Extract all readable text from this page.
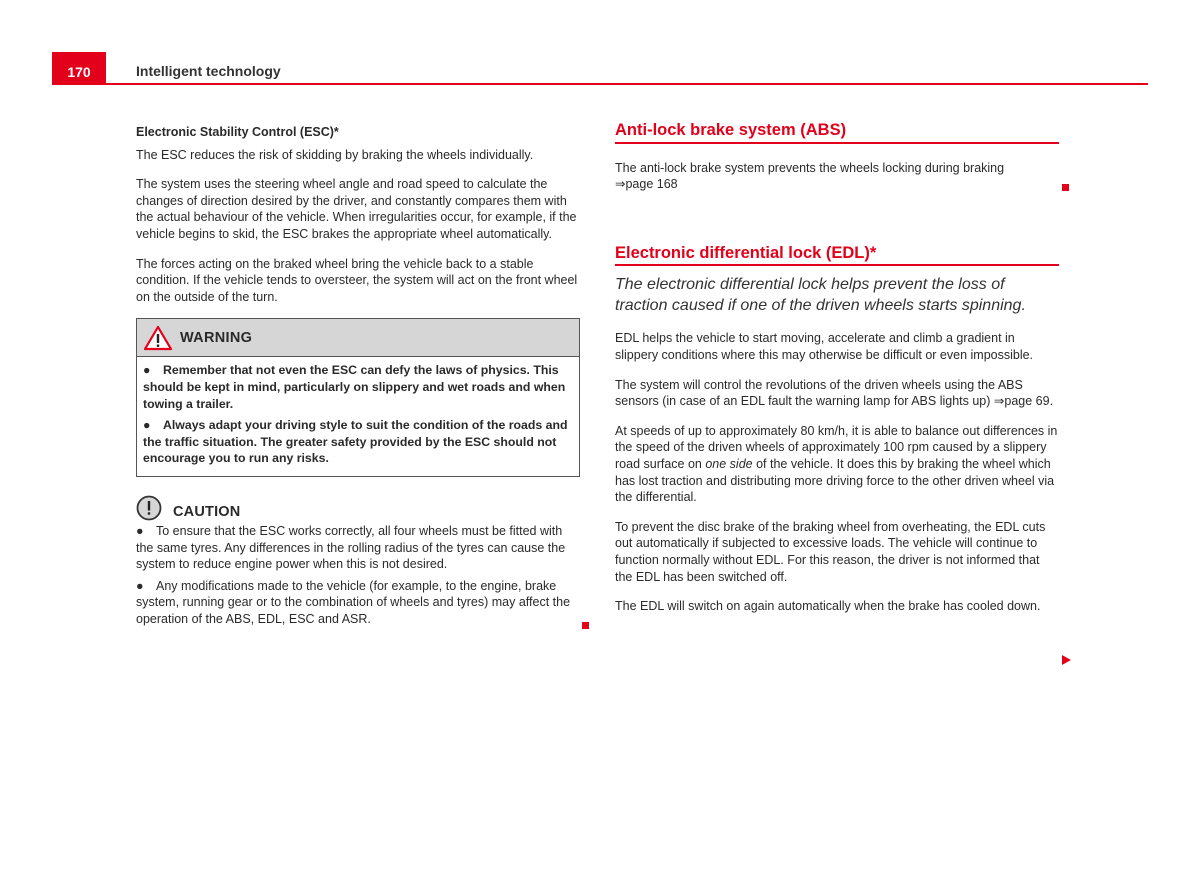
170	Intelligent technology

Electronic Stability Control (ESC)*

The ESC reduces the risk of skidding by braking the wheels individually.

The system uses the steering wheel angle and road speed to calculate the changes of direction desired by the driver, and constantly compares them with the actual behaviour of the vehicle. When irregularities occur, for example, if the vehicle begins to skid, the ESC brakes the appropriate wheel automatically.

The forces acting on the braked wheel bring the vehicle back to a stable condition. If the vehicle tends to oversteer, the system will act on the front wheel on the outside of the turn.

WARNING
● Remember that not even the ESC can defy the laws of physics. This should be kept in mind, particularly on slippery and wet roads and when towing a trailer.
● Always adapt your driving style to suit the condition of the roads and the traffic situation. The greater safety provided by the ESC should not encourage you to run any risks.
CAUTION
● To ensure that the ESC works correctly, all four wheels must be fitted with the same tyres. Any differences in the rolling radius of the tyres can cause the system to reduce engine power when this is not desired.
● Any modifications made to the vehicle (for example, to the engine, brake system, running gear or to the combination of wheels and tyres) may affect the operation of the ABS, EDL, ESC and ASR.
Anti-lock brake system (ABS)

The anti-lock brake system prevents the wheels locking during braking
⇒page 168

Electronic differential lock (EDL)*

The electronic differential lock helps prevent the loss of traction caused if one of the driven wheels starts spinning.

EDL helps the vehicle to start moving, accelerate and climb a gradient in slippery conditions where this may otherwise be difficult or even impossible.

The system will control the revolutions of the driven wheels using the ABS sensors (in case of an EDL fault the warning lamp for ABS lights up) ⇒page 69.

At speeds of up to approximately 80 km/h, it is able to balance out differences in the speed of the driven wheels of approximately 100 rpm caused by a slippery road surface on one side of the vehicle. It does this by braking the wheel which has lost traction and distributing more driving force to the other driven wheel via the differential.

To prevent the disc brake of the braking wheel from overheating, the EDL cuts out automatically if subjected to excessive loads. The vehicle will continue to function normally without EDL. For this reason, the driver is not informed that the EDL has been switched off.

The EDL will switch on again automatically when the brake has cooled down.
